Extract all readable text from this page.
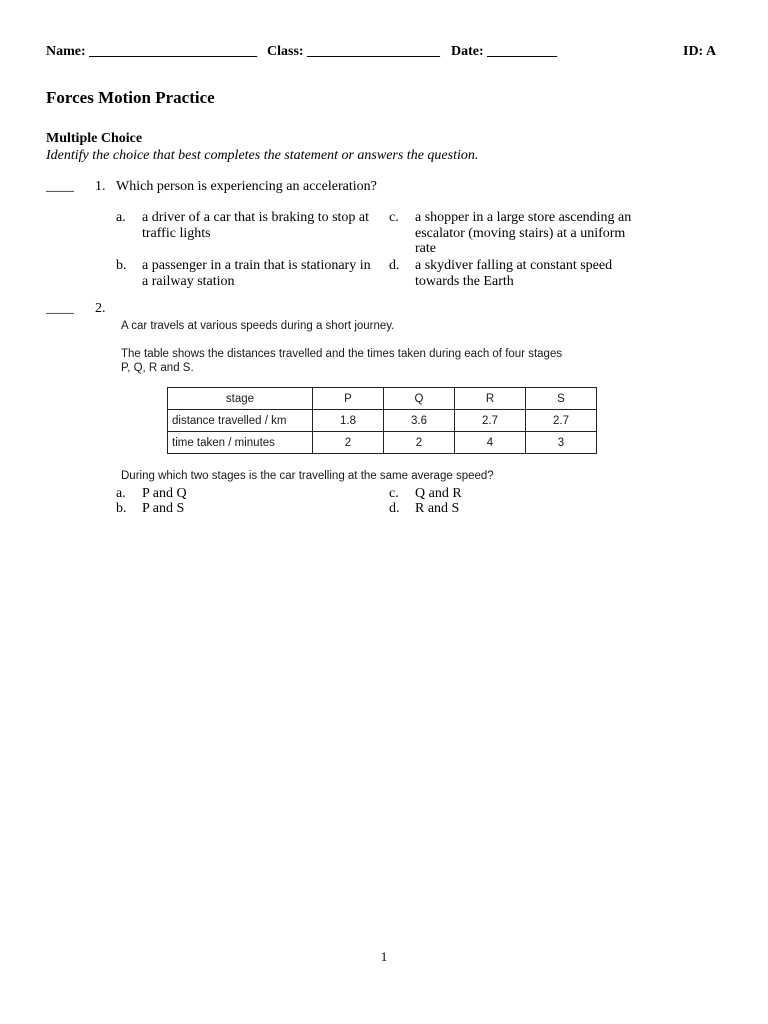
Name: ________________________ Class: ___________________ Date: __________	ID: A
Forces Motion Practice
Multiple Choice
Identify the choice that best completes the statement or answers the question.
____ 1. Which person is experiencing an acceleration?
a. a driver of a car that is braking to stop at
traffic lights
b. a passenger in a train that is stationary in
a railway station
c. a shopper in a large store ascending an
escalator (moving stairs) at a uniform
rate
d. a skydiver falling at constant speed
towards the Earth
____ 2.
A car travels at various speeds during a short journey.
The table shows the distances travelled and the times taken during each of four stages
P, Q, R and S.
stage	P	Q	R	S
distance travelled / km	1.8	3.6	2.7	2.7
time taken / minutes	2	2	4	3
During which two stages is the car travelling at the same average speed?
a. P and Q
b. P and S
c. Q and R
d. R and S
1
